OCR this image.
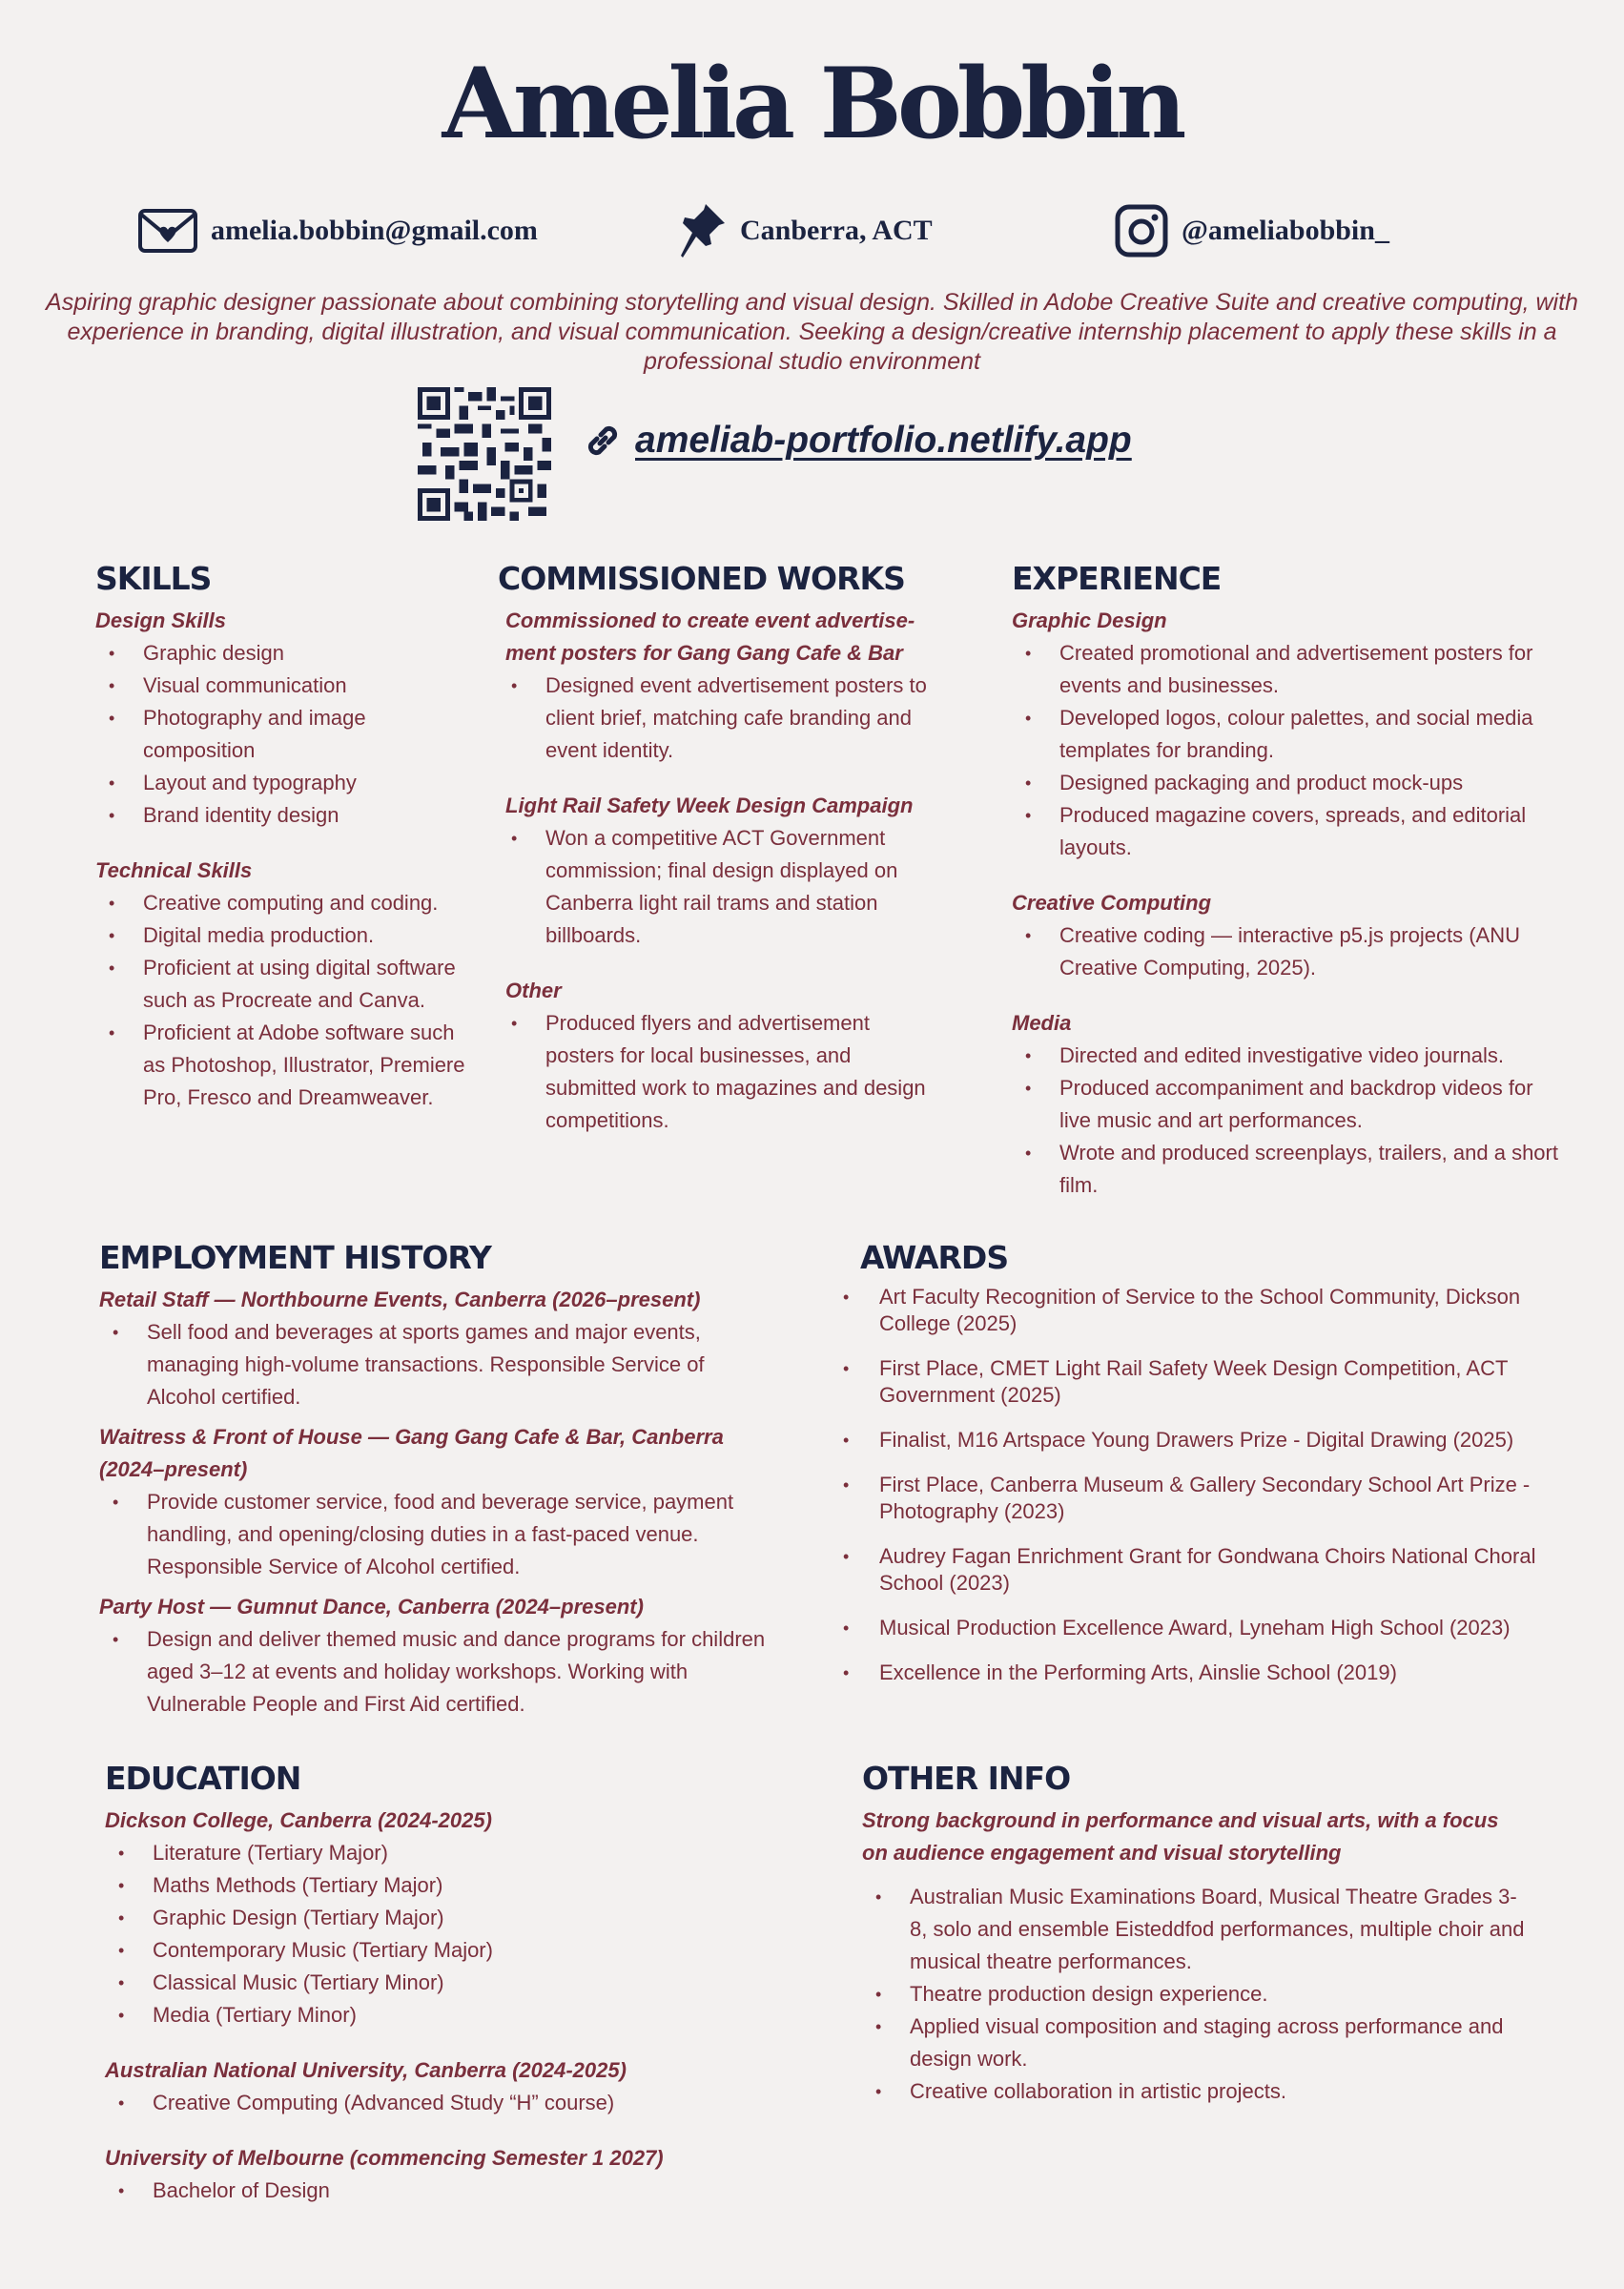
Amelia Bobbin
amelia.bobbin@gmail.com	Canberra, ACT	@ameliabobbin_
Aspiring graphic designer passionate about combining storytelling and visual design. Skilled in Adobe Creative Suite and creative computing, with experience in branding, digital illustration, and visual communication. Seeking a design/creative internship placement to apply these skills in a professional studio environment
ameliab-portfolio.netlify.app
SKILLS

Design Skills

• Graphic design
• Visual communication
• Photography and image composition
• Layout and typography
• Brand identity design

Technical Skills

• Creative computing and coding.
• Digital media production.
• Proficient at using digital software such as Procreate and Canva.
• Proficient at Adobe software such as Photoshop, Illustrator, Premiere Pro, Fresco and Dreamweaver.
COMMISSIONED WORKS

Commissioned to create event advertise-ment posters for Gang Gang Cafe & Bar

• Designed event advertisement posters to client brief, matching cafe branding and event identity.

Light Rail Safety Week Design Campaign

• Won a competitive ACT Government commission; final design displayed on Canberra light rail trams and station billboards.

Other

• Produced flyers and advertisement posters for local businesses, and submitted work to magazines and design competitions.
EXPERIENCE

Graphic Design

• Created promotional and advertisement posters for events and businesses.
• Developed logos, colour palettes, and social media templates for branding.
• Designed packaging and product mock-ups
• Produced magazine covers, spreads, and editorial layouts.

Creative Computing

• Creative coding — interactive p5.js projects (ANU Creative Computing, 2025).

Media

• Directed and edited investigative video journals.
• Produced accompaniment and backdrop videos for live music and art performances.
• Wrote and produced screenplays, trailers, and a short film.
EMPLOYMENT HISTORY

Retail Staff — Northbourne Events, Canberra (2026–present)

• Sell food and beverages at sports games and major events, managing high-volume transactions. Responsible Service of Alcohol certified.

Waitress & Front of House — Gang Gang Cafe & Bar, Canberra (2024–present)

• Provide customer service, food and beverage service, payment handling, and opening/closing duties in a fast-paced venue. Responsible Service of Alcohol certified.

Party Host — Gumnut Dance, Canberra (2024–present)

• Design and deliver themed music and dance programs for children aged 3–12 at events and holiday workshops. Working with Vulnerable People and First Aid certified.
AWARDS
• Art Faculty Recognition of Service to the School Community, Dickson College (2025)
• First Place, CMET Light Rail Safety Week Design Competition, ACT Government (2025)
• Finalist, M16 Artspace Young Drawers Prize - Digital Drawing (2025)
• First Place, Canberra Museum & Gallery Secondary School Art Prize - Photography (2023)
• Audrey Fagan Enrichment Grant for Gondwana Choirs National Choral School (2023)
• Musical Production Excellence Award, Lyneham High School (2023)
• Excellence in the Performing Arts, Ainslie School (2019)
EDUCATION

Dickson College, Canberra (2024-2025)

• Literature (Tertiary Major)
• Maths Methods (Tertiary Major)
• Graphic Design (Tertiary Major)
• Contemporary Music (Tertiary Major)
• Classical Music (Tertiary Minor)
• Media (Tertiary Minor)

Australian National University, Canberra (2024-2025)

• Creative Computing (Advanced Study “H” course)

University of Melbourne (commencing Semester 1 2027)

• Bachelor of Design
OTHER INFO

Strong background in performance and visual arts, with a focus on audience engagement and visual storytelling

• Australian Music Examinations Board, Musical Theatre Grades 3-8, solo and ensemble Eisteddfod performances, multiple choir and musical theatre performances.
• Theatre production design experience.
• Applied visual composition and staging across performance and design work.
• Creative collaboration in artistic projects.
